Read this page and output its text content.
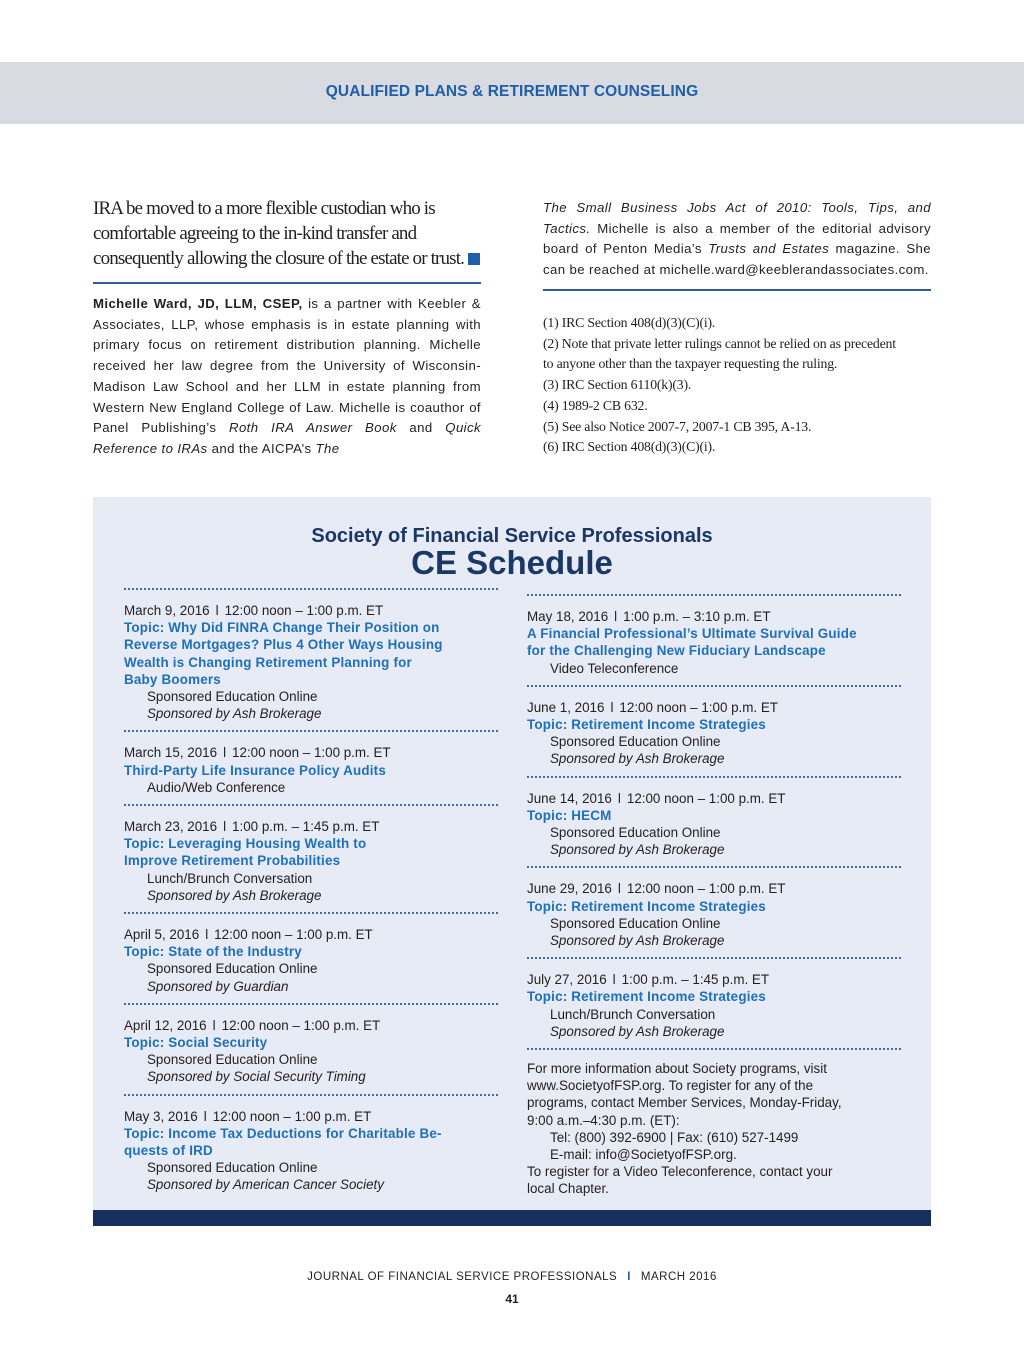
QUALIFIED PLANS & RETIREMENT COUNSELING
IRA be moved to a more flexible custodian who is comfortable agreeing to the in-kind transfer and consequently allowing the closure of the estate or trust.
Michelle Ward, JD, LLM, CSEP, is a partner with Keebler & Associates, LLP, whose emphasis is in estate planning with primary focus on retirement distribution planning. Michelle received her law degree from the University of Wisconsin-Madison Law School and her LLM in estate planning from Western New England College of Law. Michelle is coauthor of Panel Publishing’s Roth IRA Answer Book and Quick Reference to IRAs and the AICPA’s The
The Small Business Jobs Act of 2010: Tools, Tips, and Tactics. Michelle is also a member of the editorial advisory board of Penton Media’s Trusts and Estates magazine. She can be reached at michelle.ward@keeblerandassociates.com.
(1) IRC Section 408(d)(3)(C)(i).
(2) Note that private letter rulings cannot be relied on as precedent
to anyone other than the taxpayer requesting the ruling.
(3) IRC Section 6110(k)(3).
(4) 1989-2 CB 632.
(5) See also Notice 2007-7, 2007-1 CB 395, A-13.
(6) IRC Section 408(d)(3)(C)(i).
Society of Financial Service Professionals
CE Schedule
March 9, 2016 l 12:00 noon – 1:00 p.m. ET
Topic: Why Did FINRA Change Their Position on
Reverse Mortgages? Plus 4 Other Ways Housing
Wealth is Changing Retirement Planning for
Baby Boomers
Sponsored Education Online
Sponsored by Ash Brokerage
March 15, 2016 l 12:00 noon – 1:00 p.m. ET
Third-Party Life Insurance Policy Audits
Audio/Web Conference
March 23, 2016 l 1:00 p.m. – 1:45 p.m. ET
Topic: Leveraging Housing Wealth to
Improve Retirement Probabilities
Lunch/Brunch Conversation
Sponsored by Ash Brokerage
April 5, 2016 l 12:00 noon – 1:00 p.m. ET
Topic: State of the Industry
Sponsored Education Online
Sponsored by Guardian
April 12, 2016 l 12:00 noon – 1:00 p.m. ET
Topic: Social Security
Sponsored Education Online
Sponsored by Social Security Timing
May 3, 2016 l 12:00 noon – 1:00 p.m. ET
Topic: Income Tax Deductions for Charitable Be-
quests of IRD
Sponsored Education Online
Sponsored by American Cancer Society
May 18, 2016 l 1:00 p.m. – 3:10 p.m. ET
A Financial Professional’s Ultimate Survival Guide
for the Challenging New Fiduciary Landscape
Video Teleconference
June 1, 2016 l 12:00 noon – 1:00 p.m. ET
Topic: Retirement Income Strategies
Sponsored Education Online
Sponsored by Ash Brokerage
June 14, 2016 l 12:00 noon – 1:00 p.m. ET
Topic: HECM
Sponsored Education Online
Sponsored by Ash Brokerage
June 29, 2016 l 12:00 noon – 1:00 p.m. ET
Topic: Retirement Income Strategies
Sponsored Education Online
Sponsored by Ash Brokerage
July 27, 2016 l 1:00 p.m. – 1:45 p.m. ET
Topic: Retirement Income Strategies
Lunch/Brunch Conversation
Sponsored by Ash Brokerage
For more information about Society programs, visit
www.SocietyofFSP.org. To register for any of the
programs, contact Member Services, Monday-Friday,
9:00 a.m.–4:30 p.m. (ET):
Tel: (800) 392-6900 | Fax: (610) 527-1499
E-mail: info@SocietyofFSP.org.
To register for a Video Teleconference, contact your
local Chapter.
JOURNAL OF FINANCIAL SERVICE PROFESSIONALS I MARCH 2016
41
